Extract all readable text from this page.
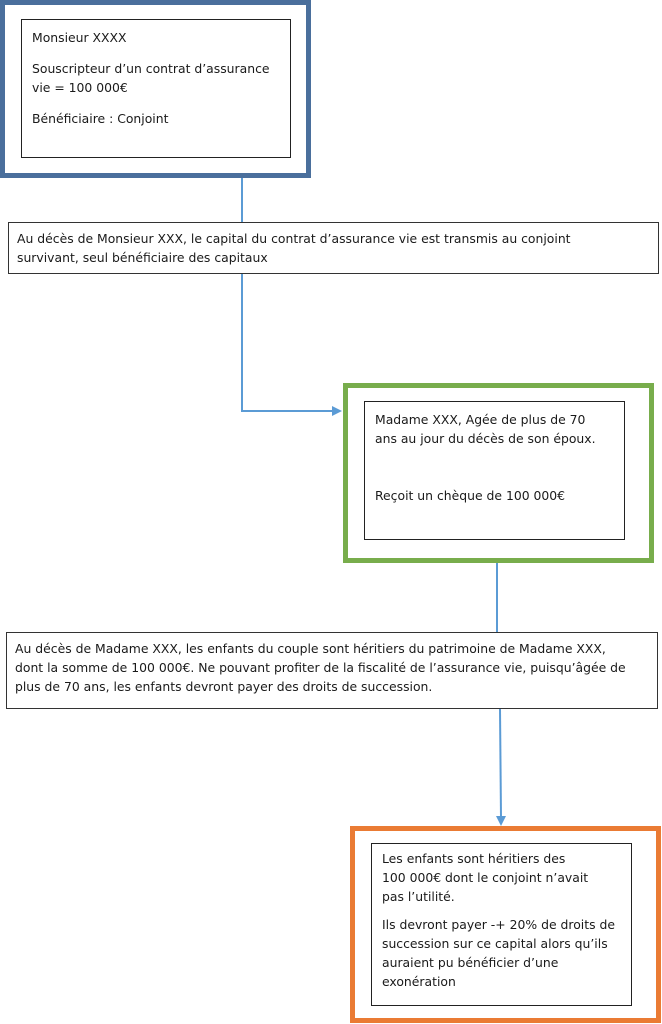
Monsieur XXXX

Souscripteur d’un contrat d’assurance

vie = 100 000€

Bénéficiaire : Conjoint

Au décès de Monsieur XXX, le capital du contrat d’assurance vie est transmis au conjoint

survivant, seul bénéficiaire des capitaux

Madame XXX, Agée de plus de 70

ans au jour du décès de son époux.

Reçoit un chèque de 100 000€

Au décès de Madame XXX, les enfants du couple sont héritiers du patrimoine de Madame XXX,

dont la somme de 100 000€. Ne pouvant profiter de la fiscalité de l’assurance vie, puisqu’âgée de

plus de 70 ans, les enfants devront payer des droits de succession.

Les enfants sont héritiers des

100 000€ dont le conjoint n’avait

pas l’utilité.

Ils devront payer -+ 20% de droits de

succession sur ce capital alors qu’ils

auraient pu bénéficier d’une

exonération
